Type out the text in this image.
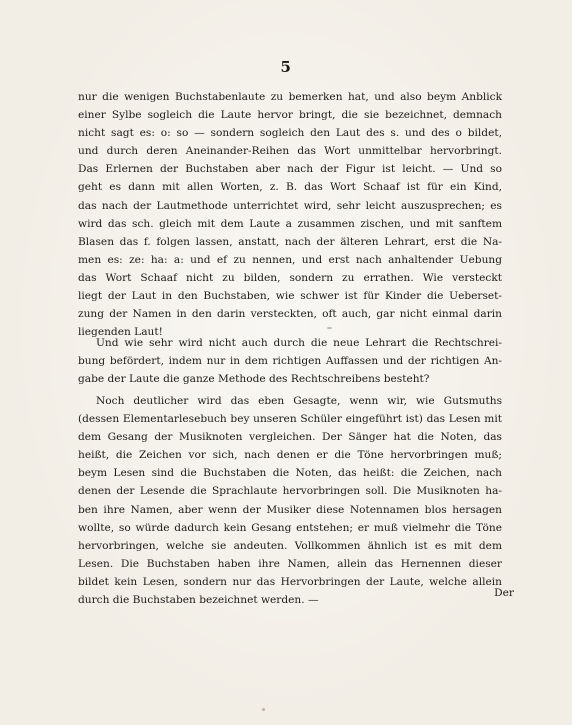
5
nur die wenigen Buchstabenlaute zu bemerken hat, und also beym Anblick
einer Sylbe sogleich die Laute hervor bringt, die sie bezeichnet, demnach
nicht sagt es: o: so — sondern sogleich den Laut des s. und des o bildet,
und durch deren Aneinander-Reihen das Wort unmittelbar hervorbringt.
Das Erlernen der Buchstaben aber nach der Figur ist leicht. — Und so
geht es dann mit allen Worten, z. B. das Wort Schaaf ist für ein Kind,
das nach der Lautmethode unterrichtet wird, sehr leicht auszusprechen; es
wird das sch. gleich mit dem Laute a zusammen zischen, und mit sanftem
Blasen das f. folgen lassen, anstatt, nach der älteren Lehrart, erst die Na-
men es: ze: ha: a: und ef zu nennen, und erst nach anhaltender Uebung
das Wort Schaaf nicht zu bilden, sondern zu errathen. Wie versteckt
liegt der Laut in den Buchstaben, wie schwer ist für Kinder die Ueberset-
zung der Namen in den darin versteckten, oft auch, gar nicht einmal darin
liegenden Laut!
Und wie sehr wird nicht auch durch die neue Lehrart die Rechtschrei-
bung befördert, indem nur in dem richtigen Auffassen und der richtigen An-
gabe der Laute die ganze Methode des Rechtschreibens besteht?
Noch deutlicher wird das eben Gesagte, wenn wir, wie Gutsmuths
(dessen Elementarlesebuch bey unseren Schüler eingeführt ist) das Lesen mit
dem Gesang der Musiknoten vergleichen. Der Sänger hat die Noten, das
heißt, die Zeichen vor sich, nach denen er die Töne hervorbringen muß;
beym Lesen sind die Buchstaben die Noten, das heißt: die Zeichen, nach
denen der Lesende die Sprachlaute hervorbringen soll. Die Musiknoten ha-
ben ihre Namen, aber wenn der Musiker diese Notennamen blos hersagen
wollte, so würde dadurch kein Gesang entstehen; er muß vielmehr die Töne
hervorbringen, welche sie andeuten. Vollkommen ähnlich ist es mit dem
Lesen. Die Buchstaben haben ihre Namen, allein das Hernennen dieser
bildet kein Lesen, sondern nur das Hervorbringen der Laute, welche allein
durch die Buchstaben bezeichnet werden. —
Der
